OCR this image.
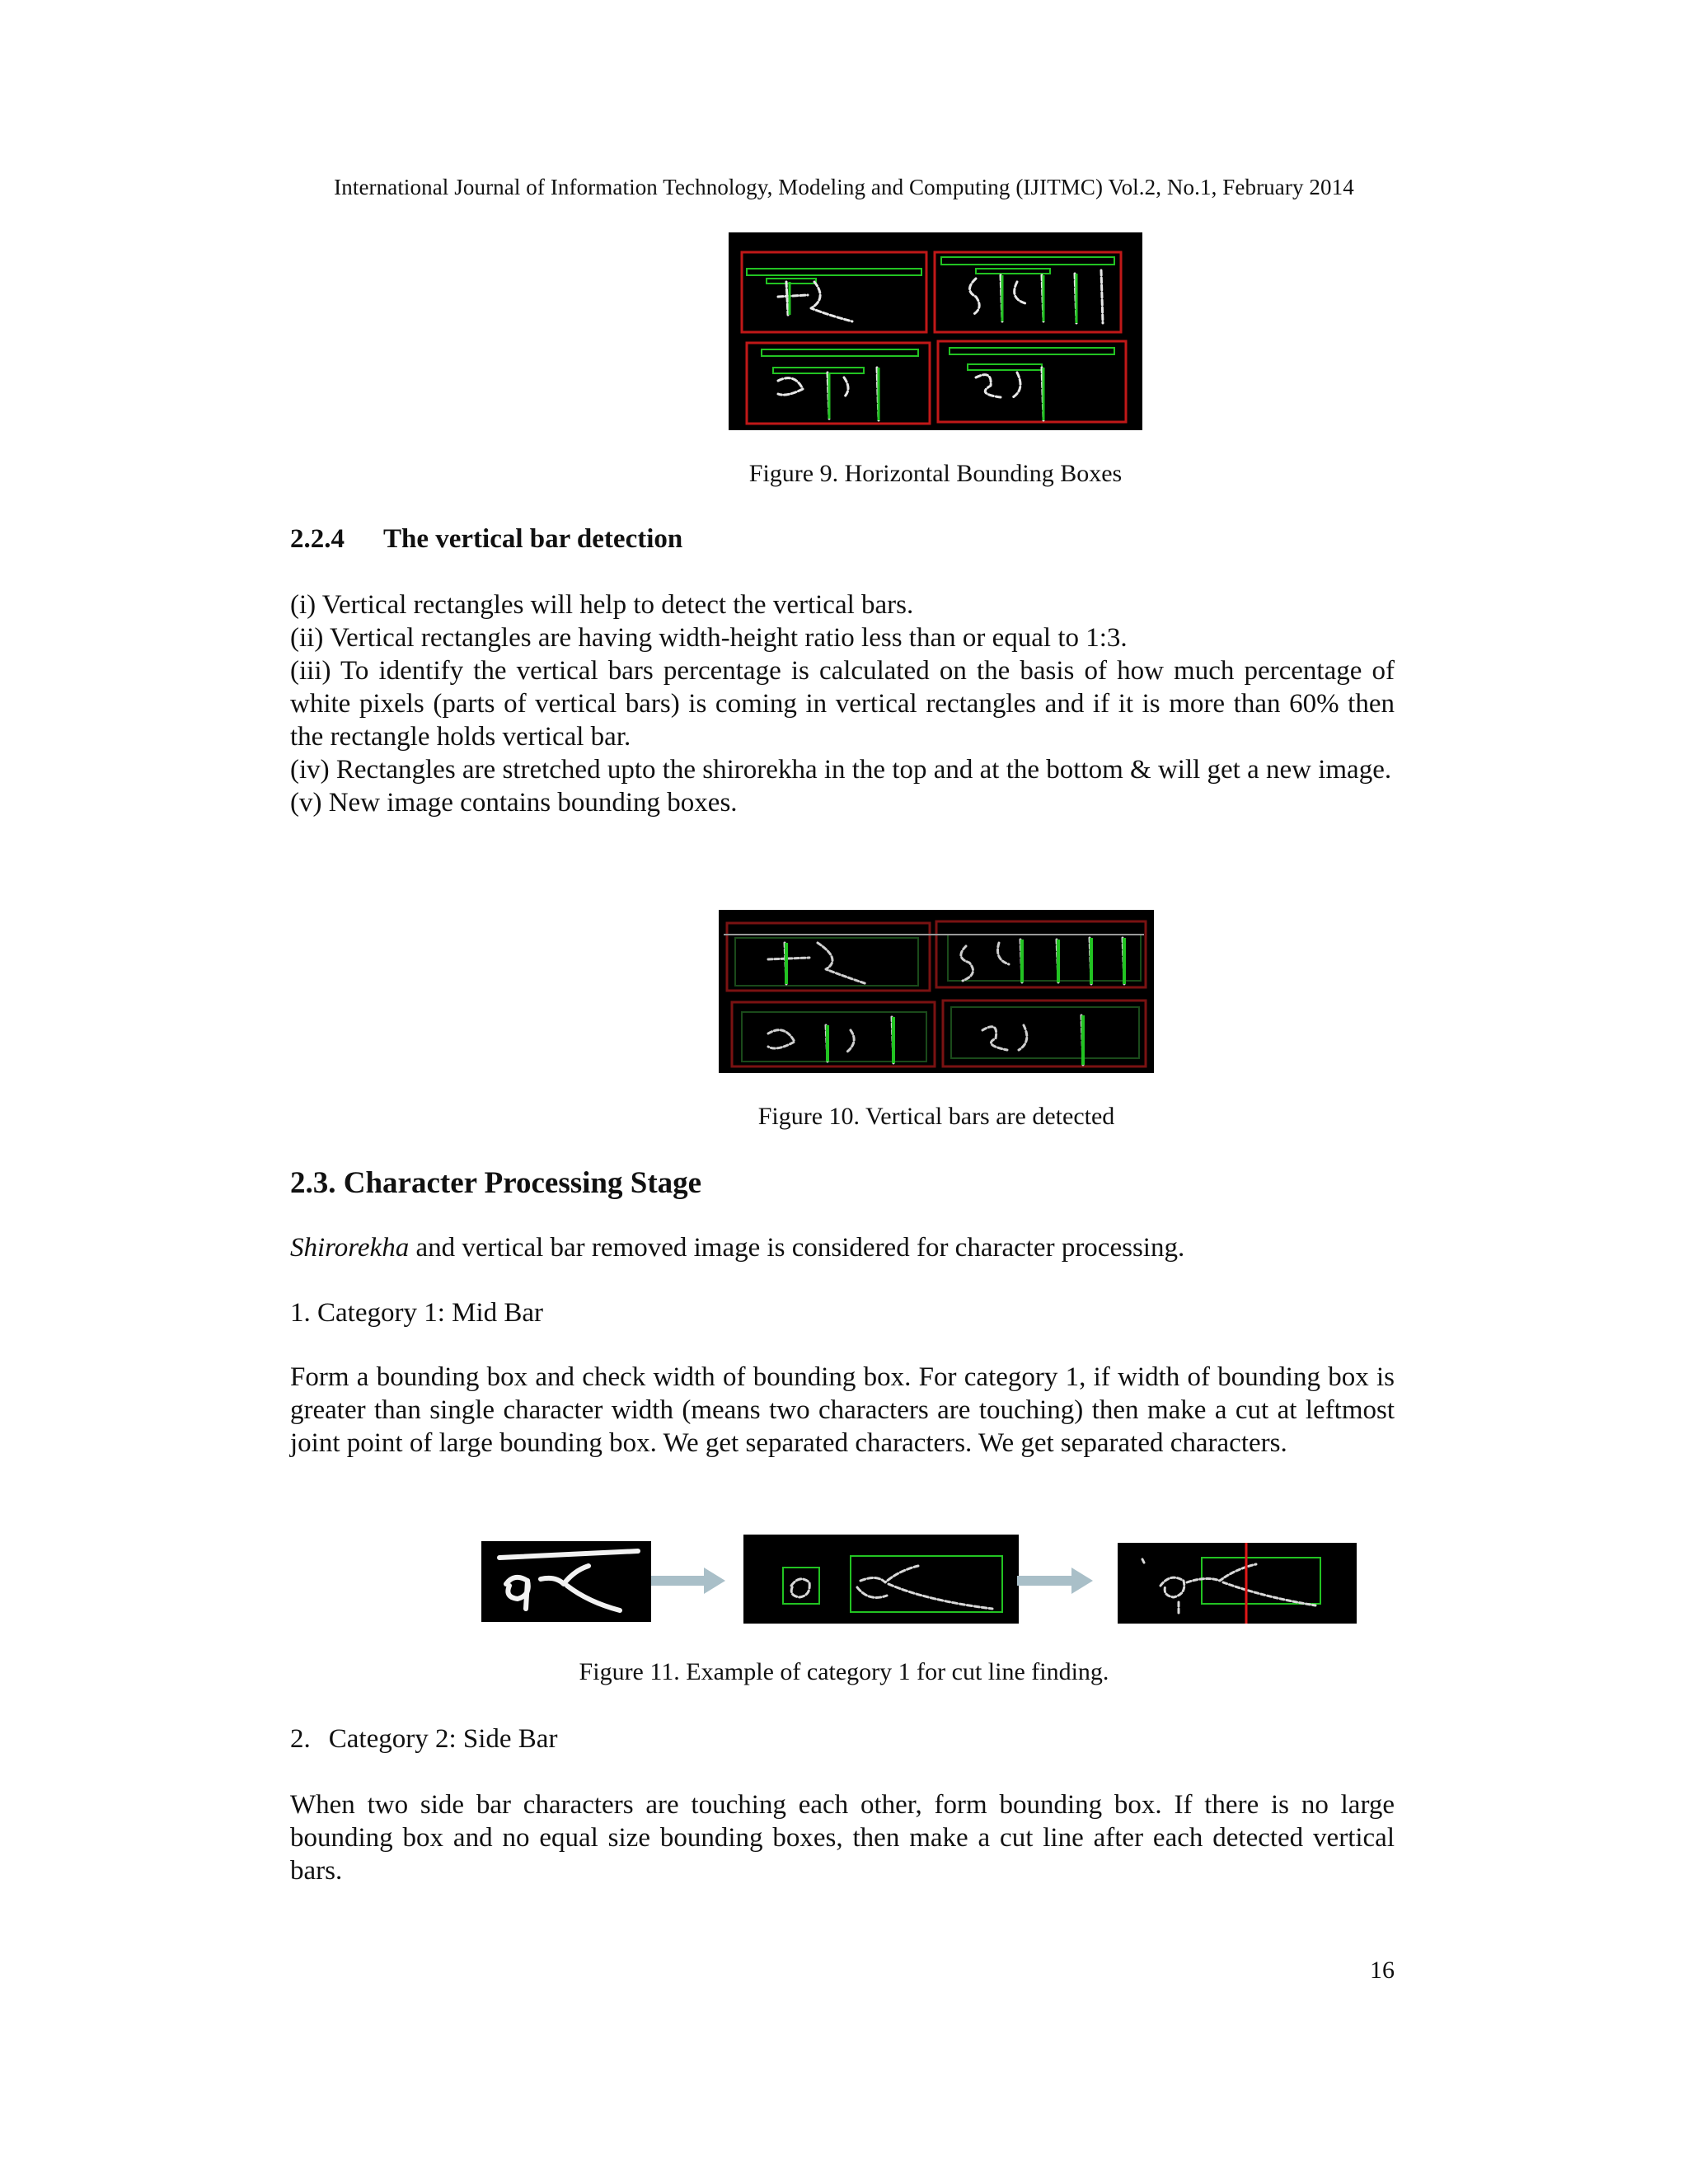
International Journal of Information Technology, Modeling and Computing (IJITMC) Vol.2, No.1, February 2014
Figure 9. Horizontal Bounding Boxes
2.2.4 The vertical bar detection
(i) Vertical rectangles will help to detect the vertical bars.
(ii) Vertical rectangles are having width-height ratio less than or equal to 1:3.
(iii) To identify the vertical bars percentage is calculated on the basis of how much percentage of white pixels (parts of vertical bars) is coming in vertical rectangles and if it is more than 60% then the rectangle holds vertical bar.
(iv) Rectangles are stretched upto the shirorekha in the top and at the bottom & will get a new image.
(v) New image contains bounding boxes.
Figure 10. Vertical bars are detected
2.3. Character Processing Stage
Shirorekha and vertical bar removed image is considered for character processing.
1. Category 1: Mid Bar
Form a bounding box and check width of bounding box. For category 1, if width of bounding box is greater than single character width (means two characters are touching) then make a cut at leftmost joint point of large bounding box. We get separated characters. We get separated characters.
Figure 11. Example of category 1 for cut line finding.
2. Category 2: Side Bar
When two side bar characters are touching each other, form bounding box. If there is no large bounding box and no equal size bounding boxes, then make a cut line after each detected vertical bars.
16
